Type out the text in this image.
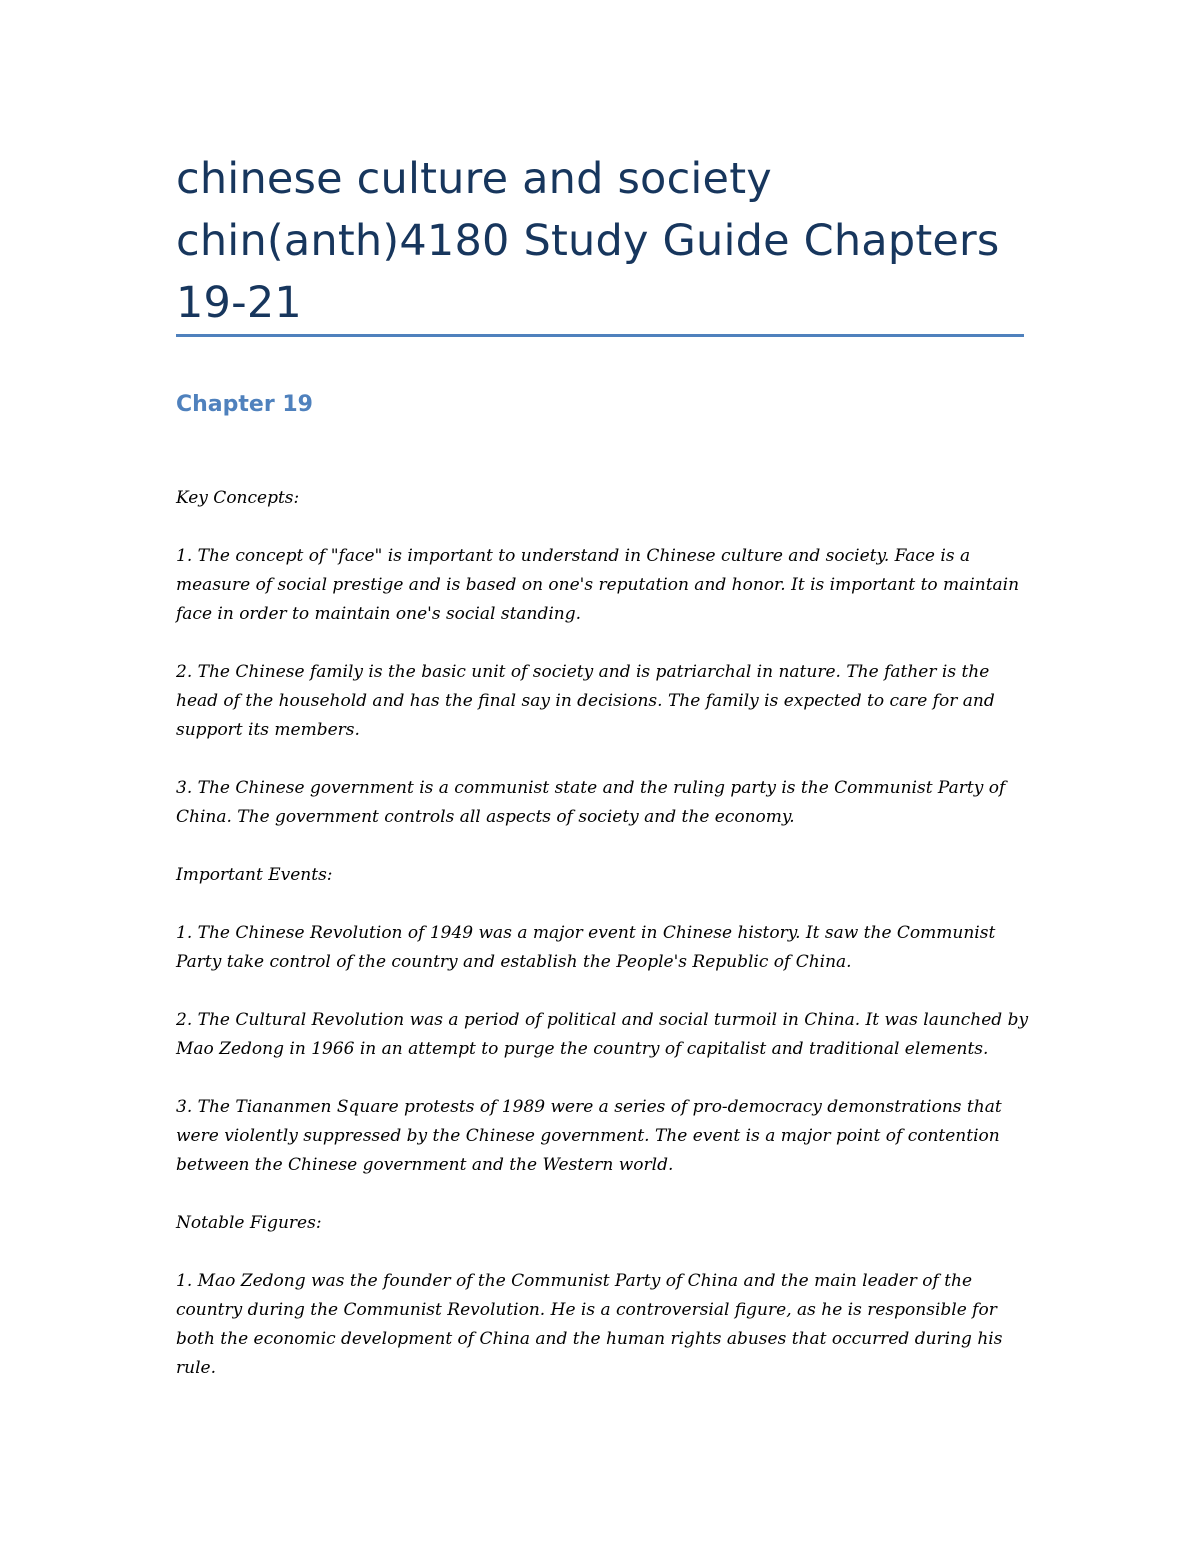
chinese culture and society chin(anth)4180 Study Guide Chapters 19-21
Chapter 19

Key Concepts:

1. The concept of "face" is important to understand in Chinese culture and society. Face is a measure of social prestige and is based on one's reputation and honor. It is important to maintain face in order to maintain one's social standing.

2. The Chinese family is the basic unit of society and is patriarchal in nature. The father is the head of the household and has the final say in decisions. The family is expected to care for and support its members.

3. The Chinese government is a communist state and the ruling party is the Communist Party of China. The government controls all aspects of society and the economy.

Important Events:

1. The Chinese Revolution of 1949 was a major event in Chinese history. It saw the Communist Party take control of the country and establish the People's Republic of China.

2. The Cultural Revolution was a period of political and social turmoil in China. It was launched by Mao Zedong in 1966 in an attempt to purge the country of capitalist and traditional elements.

3. The Tiananmen Square protests of 1989 were a series of pro-democracy demonstrations that were violently suppressed by the Chinese government. The event is a major point of contention between the Chinese government and the Western world.

Notable Figures:

1. Mao Zedong was the founder of the Communist Party of China and the main leader of the country during the Communist Revolution. He is a controversial figure, as he is responsible for both the economic development of China and the human rights abuses that occurred during his rule.
